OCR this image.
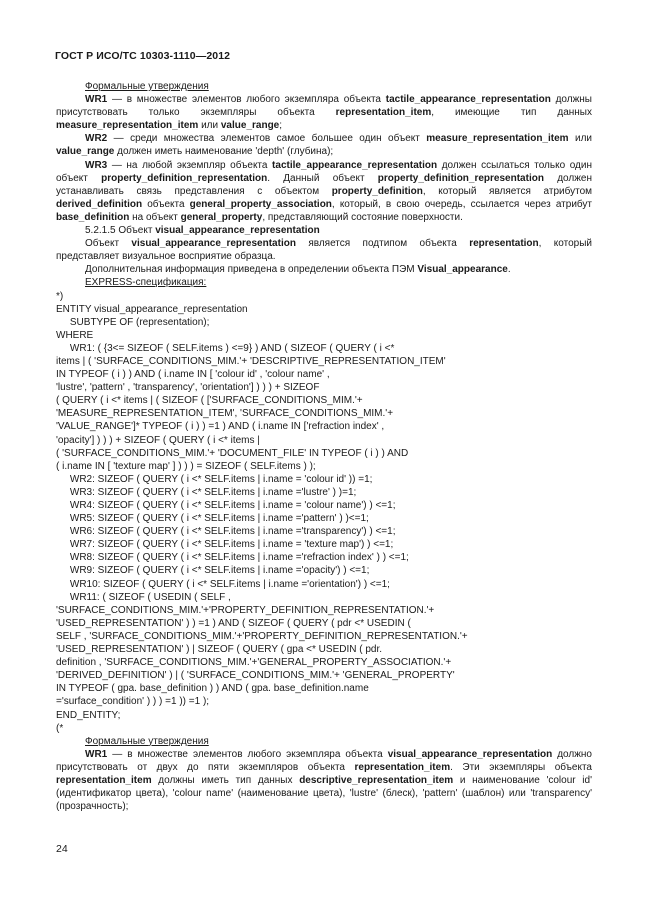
ГОСТ Р ИСО/ТС 10303-1110—2012

Формальные утверждения

WR1 — в множестве элементов любого экземпляра объекта tactile_appearance_representation должны присутствовать только экземпляры объекта representation_item, имеющие тип данных measure_representation_item или value_range;

WR2 — среди множества элементов самое большее один объект measure_representation_item или value_range должен иметь наименование 'depth' (глубина);

WR3 — на любой экземпляр объекта tactile_appearance_representation должен ссылаться только один объект property_definition_representation. Данный объект property_definition_representation должен устанавливать связь представления с объектом property_definition, который является атрибутом derived_definition объекта general_property_association, который, в свою очередь, ссылается через атрибут base_definition на объект general_property, представляющий состояние поверхности.

5.2.1.5 Объект visual_appearance_representation

Объект visual_appearance_representation является подтипом объекта representation, который представляет визуальное восприятие образца.

Дополнительная информация приведена в определении объекта ПЭМ Visual_appearance.

EXPRESS-спецификация:

*)
ENTITY visual_appearance_representation
SUBTYPE OF (representation);
WHERE
WR1: ( {3<= SIZEOF ( SELF.items ) <=9} ) AND ( SIZEOF ( QUERY ( i <*
items | ( 'SURFACE_CONDITIONS_MIM.'+ 'DESCRIPTIVE_REPRESENTATION_ITEM'
IN TYPEOF ( i ) ) AND ( i.name IN [ 'colour id' , 'colour name' ,
'lustre', 'pattern' , 'transparency', 'orientation'] ) ) ) + SIZEOF
( QUERY ( i <* items | ( SIZEOF ( ['SURFACE_CONDITIONS_MIM.'+
'MEASURE_REPRESENTATION_ITEM', 'SURFACE_CONDITIONS_MIM.'+
'VALUE_RANGE']* TYPEOF ( i ) ) =1 ) AND ( i.name IN ['refraction index' ,
'opacity'] ) ) ) + SIZEOF ( QUERY ( i <* items |
( 'SURFACE_CONDITIONS_MIM.'+ 'DOCUMENT_FILE' IN TYPEOF ( i ) ) AND
( i.name IN [ 'texture map' ] ) ) ) = SIZEOF ( SELF.items ) );
WR2: SIZEOF ( QUERY ( i <* SELF.items | i.name = 'colour id' )) =1;
WR3: SIZEOF ( QUERY ( i <* SELF.items | i.name ='lustre' ) )=1;
WR4: SIZEOF ( QUERY ( i <* SELF.items | i.name = 'colour name') ) <=1;
WR5: SIZEOF ( QUERY ( i <* SELF.items | i.name ='pattern' ) )<=1;
WR6: SIZEOF ( QUERY ( i <* SELF.items | i.name ='transparency') ) <=1;
WR7: SIZEOF ( QUERY ( i <* SELF.items | i.name = 'texture map') ) <=1;
WR8: SIZEOF ( QUERY ( i <* SELF.items | i.name ='refraction index' ) ) <=1;
WR9: SIZEOF ( QUERY ( i <* SELF.items | i.name ='opacity') ) <=1;
WR10: SIZEOF ( QUERY ( i <* SELF.items | i.name ='orientation') ) <=1;
WR11: ( SIZEOF ( USEDIN ( SELF ,
'SURFACE_CONDITIONS_MIM.'+'PROPERTY_DEFINITION_REPRESENTATION.'+
'USED_REPRESENTATION' ) ) =1 ) AND ( SIZEOF ( QUERY ( pdr <* USEDIN (
SELF , 'SURFACE_CONDITIONS_MIM.'+'PROPERTY_DEFINITION_REPRESENTATION.'+
'USED_REPRESENTATION' ) | SIZEOF ( QUERY ( gpa <* USEDIN ( pdr.
definition , 'SURFACE_CONDITIONS_MIM.'+'GENERAL_PROPERTY_ASSOCIATION.'+
'DERIVED_DEFINITION' ) | ( 'SURFACE_CONDITIONS_MIM.'+ 'GENERAL_PROPERTY'
IN TYPEOF ( gpa. base_definition ) ) AND ( gpa. base_definition.name
='surface_condition' ) ) ) =1 )) =1 );
END_ENTITY;
(*

Формальные утверждения

WR1 — в множестве элементов любого экземпляра объекта visual_appearance_representation должно присутствовать от двух до пяти экземпляров объекта representation_item. Эти экземпляры объекта representation_item должны иметь тип данных descriptive_representation_item и наименование 'colour id' (идентификатор цвета), 'colour name' (наименование цвета), 'lustre' (блеск), 'pattern' (шаблон) или 'transparency' (прозрачность);

24
